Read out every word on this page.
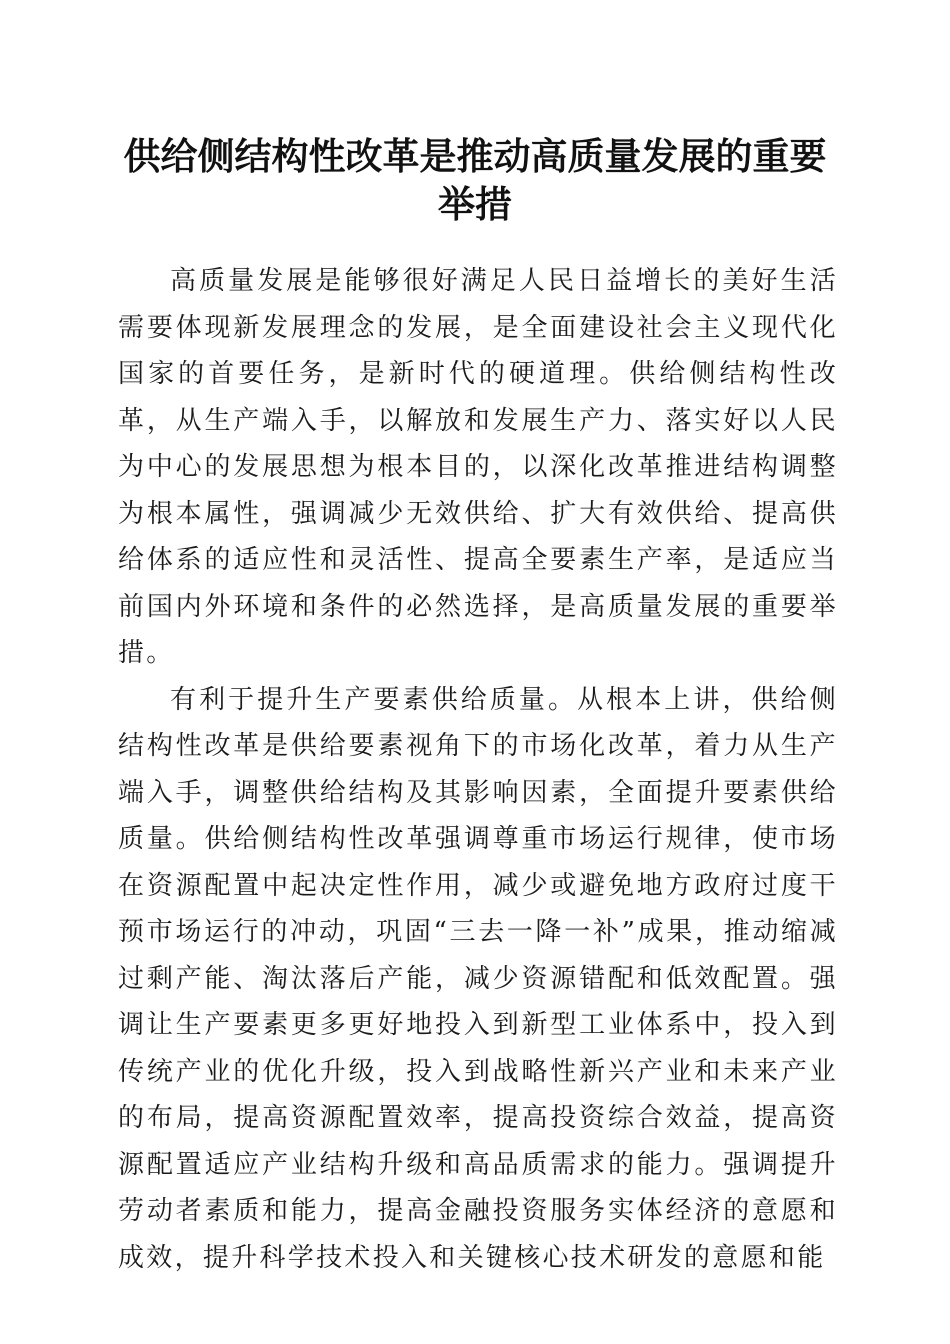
供给侧结构性改革是推动高质量发展的重要举措

高质量发展是能够很好满足人民日益增长的美好生活需要体现新发展理念的发展，是全面建设社会主义现代化国家的首要任务，是新时代的硬道理。供给侧结构性改革，从生产端入手，以解放和发展生产力、落实好以人民为中心的发展思想为根本目的，以深化改革推进结构调整为根本属性，强调减少无效供给、扩大有效供给、提高供给体系的适应性和灵活性、提高全要素生产率，是适应当前国内外环境和条件的必然选择，是高质量发展的重要举措。

有利于提升生产要素供给质量。从根本上讲，供给侧结构性改革是供给要素视角下的市场化改革，着力从生产端入手，调整供给结构及其影响因素，全面提升要素供给质量。供给侧结构性改革强调尊重市场运行规律，使市场在资源配置中起决定性作用，减少或避免地方政府过度干预市场运行的冲动，巩固“三去一降一补”成果，推动缩减过剩产能、淘汰落后产能，减少资源错配和低效配置。强调让生产要素更多更好地投入到新型工业体系中，投入到传统产业的优化升级，投入到战略性新兴产业和未来产业的布局，提高资源配置效率，提高投资综合效益，提高资源配置适应产业结构升级和高品质需求的能力。强调提升劳动者素质和能力，提高金融投资服务实体经济的意愿和成效，提升科学技术投入和关键核心技术研发的意愿和能
